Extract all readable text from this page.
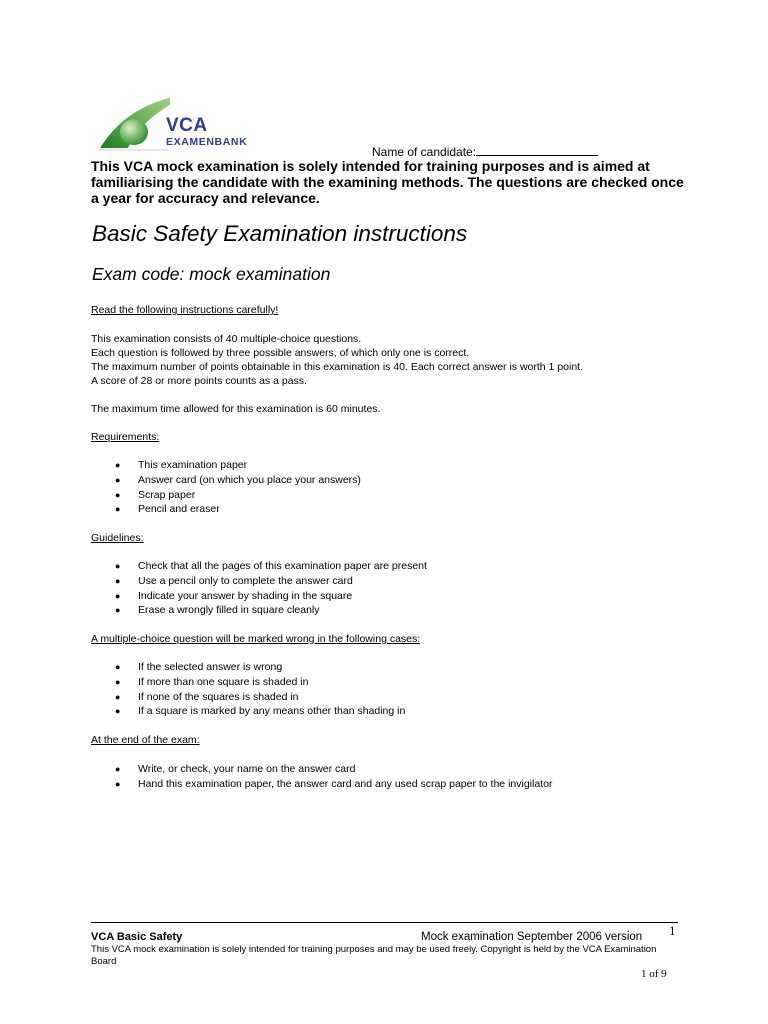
VCA
EXAMENBANK
Name of candidate:
This VCA mock examination is solely intended for training purposes and is aimed at familiarising the candidate with the examining methods. The questions are checked once a year for accuracy and relevance.
Basic Safety Examination instructions
Exam code: mock examination
Read the following instructions carefully!
This examination consists of 40 multiple-choice questions.
Each question is followed by three possible answers, of which only one is correct.
The maximum number of points obtainable in this examination is 40. Each correct answer is worth 1 point.
A score of 28 or more points counts as a pass.
The maximum time allowed for this examination is 60 minutes.
Requirements:
● This examination paper
● Answer card (on which you place your answers)
● Scrap paper
● Pencil and eraser
Guidelines:
● Check that all the pages of this examination paper are present
● Use a pencil only to complete the answer card
● Indicate your answer by shading in the square
● Erase a wrongly filled in square cleanly
A multiple-choice question will be marked wrong in the following cases:
● If the selected answer is wrong
● If more than one square is shaded in
● If none of the squares is shaded in
● If a square is marked by any means other than shading in
At the end of the exam:
● Write, or check, your name on the answer card
● Hand this examination paper, the answer card and any used scrap paper to the invigilator
VCA Basic Safety	Mock examination September 2006 version 1
This VCA mock examination is solely intended for training purposes and may be used freely. Copyright is held by the VCA Examination Board
1 of 9
